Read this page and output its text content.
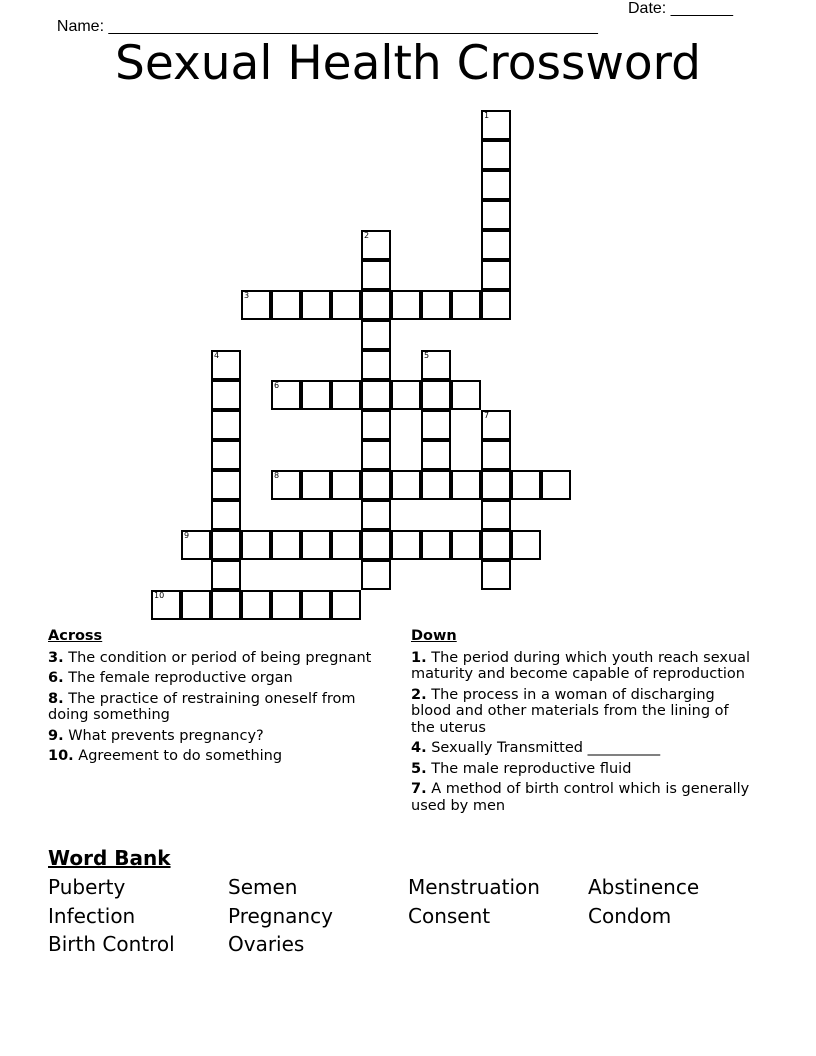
Name: _______________________________________________________

Date: _______

Sexual Health Crossword
1
2
3
4	5
6
7
8
9
10
Across
3. The condition or period of being pregnant
6. The female reproductive organ
8. The practice of restraining oneself from doing something
9. What prevents pregnancy?
10. Agreement to do something
Down
1. The period during which youth reach sexual maturity and become capable of reproduction
2. The process in a woman of discharging blood and other materials from the lining of the uterus
4. Sexually Transmitted __________
5. The male reproductive fluid
7. A method of birth control which is generally used by men
Word Bank
Puberty	Semen	Menstruation	Abstinence
Infection	Pregnancy	Consent	Condom
Birth Control	Ovaries
